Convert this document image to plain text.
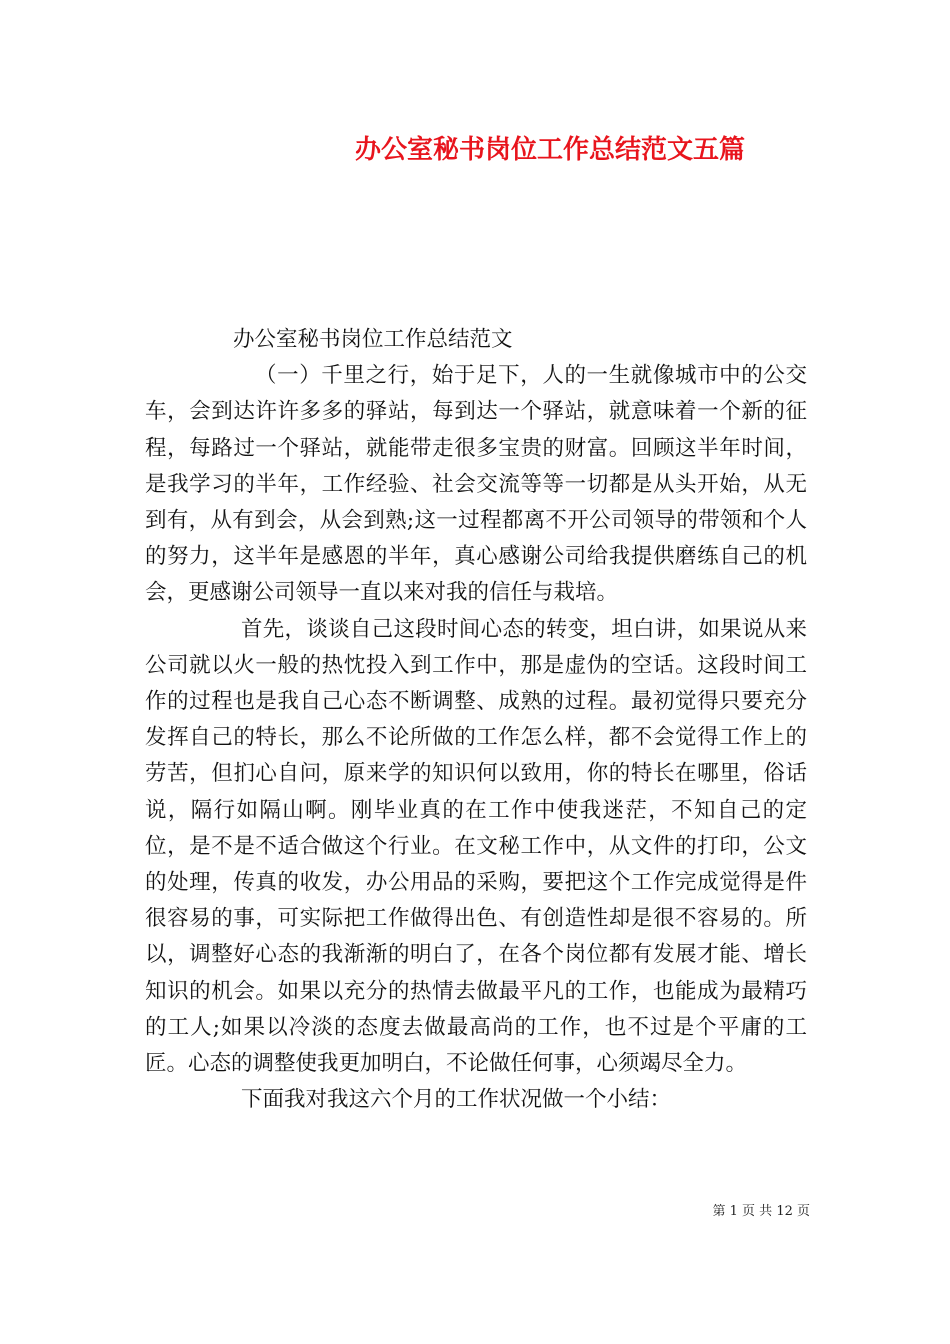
办公室秘书岗位工作总结范文五篇

办公室秘书岗位工作总结范文

（一）千里之行，始于足下，人的一生就像城市中的公交车，会到达许许多多的驿站，每到达一个驿站，就意味着一个新的征程，每路过一个驿站，就能带走很多宝贵的财富。回顾这半年时间，是我学习的半年，工作经验、社会交流等等一切都是从头开始，从无到有，从有到会，从会到熟;这一过程都离不开公司领导的带领和个人的努力，这半年是感恩的半年，真心感谢公司给我提供磨练自己的机会，更感谢公司领导一直以来对我的信任与栽培。

首先，谈谈自己这段时间心态的转变，坦白讲，如果说从来公司就以火一般的热忱投入到工作中，那是虚伪的空话。这段时间工作的过程也是我自己心态不断调整、成熟的过程。最初觉得只要充分发挥自己的特长，那么不论所做的工作怎么样，都不会觉得工作上的劳苦，但扪心自问，原来学的知识何以致用，你的特长在哪里，俗话说，隔行如隔山啊。刚毕业真的在工作中使我迷茫，不知自己的定位，是不是不适合做这个行业。在文秘工作中，从文件的打印，公文的处理，传真的收发，办公用品的采购，要把这个工作完成觉得是件很容易的事，可实际把工作做得出色、有创造性却是很不容易的。所以，调整好心态的我渐渐的明白了，在各个岗位都有发展才能、增长知识的机会。如果以充分的热情去做最平凡的工作，也能成为最精巧的工人;如果以冷淡的态度去做最高尚的工作，也不过是个平庸的工匠。心态的调整使我更加明白，不论做任何事，心须竭尽全力。

下面我对我这六个月的工作状况做一个小结：

第 1 页 共 12 页
